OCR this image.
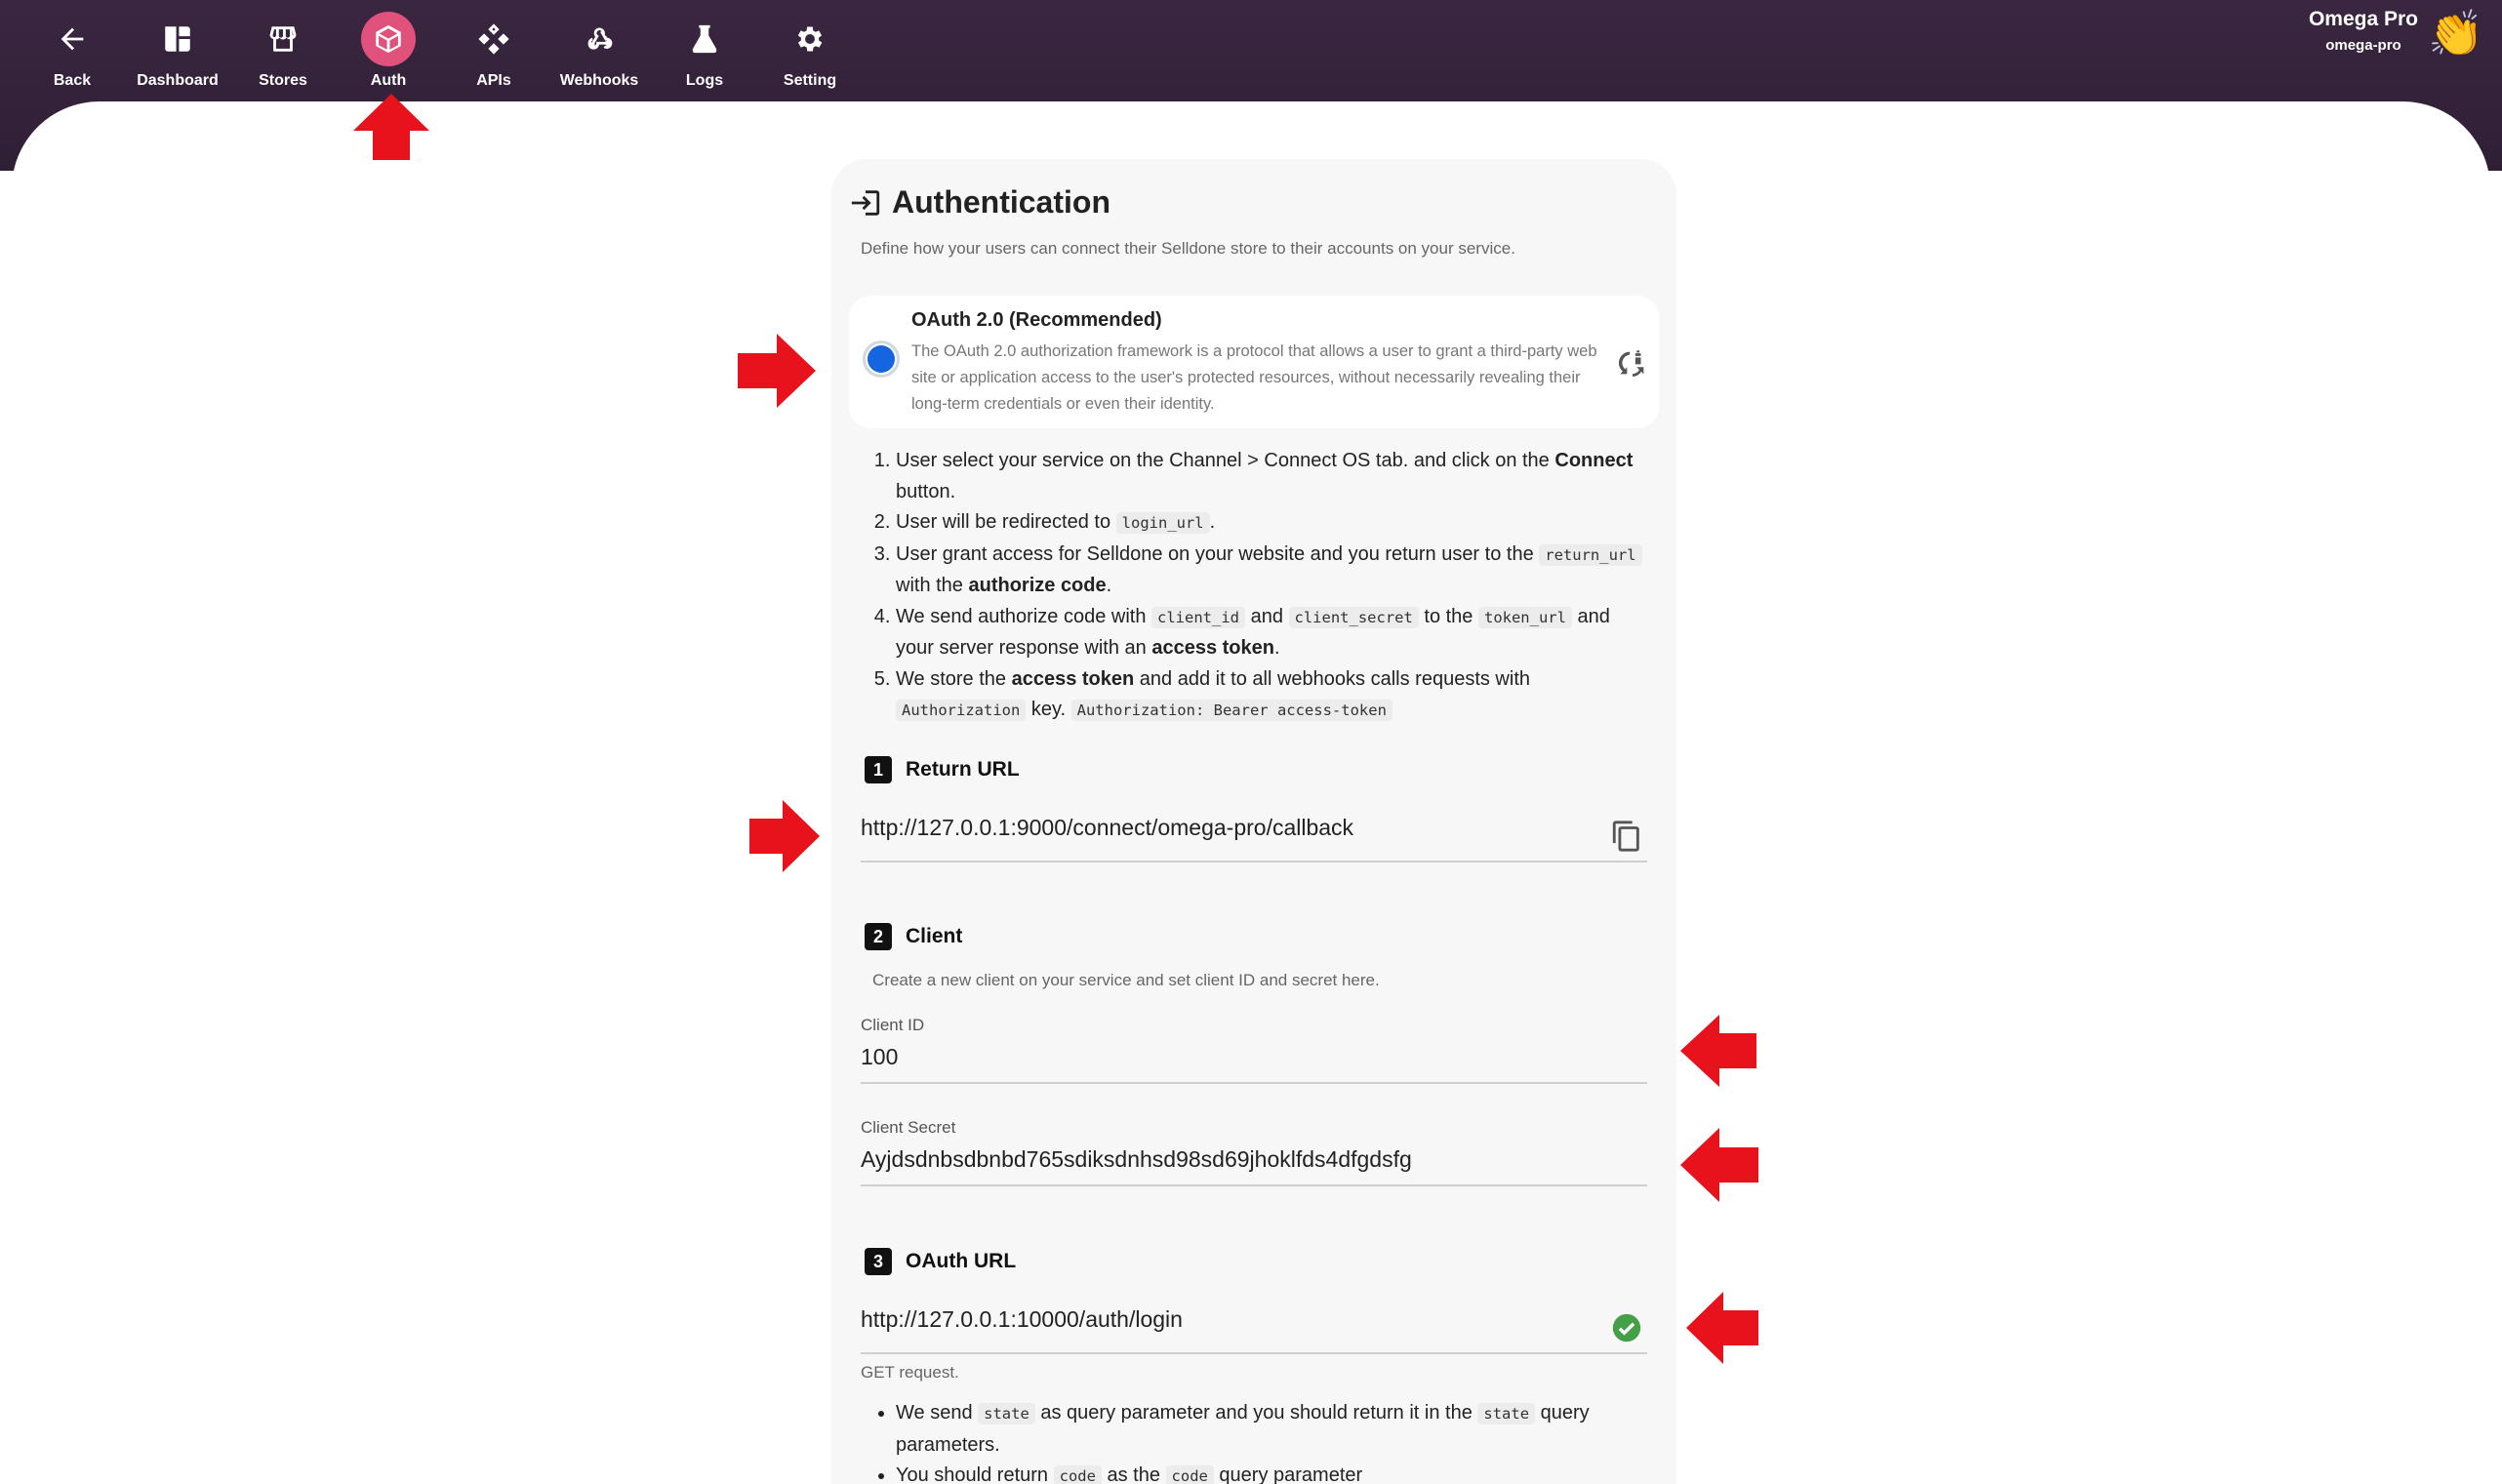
Back	Dashboard	Stores	Auth	APIs	Webhooks	Logs	Setting
Omega Pro
omega-pro 👏
Authentication
Define how your users can connect their Selldone store to their accounts on your service.
OAuth 2.0 (Recommended)
The OAuth 2.0 authorization framework is a protocol that allows a user to grant a third-party web site or application access to the user's protected resources, without necessarily revealing their long-term credentials or even their identity.
1. User select your service on the Channel > Connect OS tab. and click on the Connect button.
2. User will be redirected to login_url .
3. User grant access for Selldone on your website and you return user to the return_url with the authorize code.
4. We send authorize code with client_id and client_secret to the token_url and your server response with an access token.
5. We store the access token and add it to all webhooks calls requests with Authorization key. Authorization: Bearer access-token
1	Return URL
http://127.0.0.1:9000/connect/omega-pro/callback
2	Client
Create a new client on your service and set client ID and secret here.
Client ID
100
Client Secret
Ayjdsdnbsdbnbd765sdiksdnhsd98sd69jhoklfds4dfgdsfg
3	OAuth URL
http://127.0.0.1:10000/auth/login
GET request.
• We send state as query parameter and you should return it in the state query parameters.
• You should return code as the code query parameter
